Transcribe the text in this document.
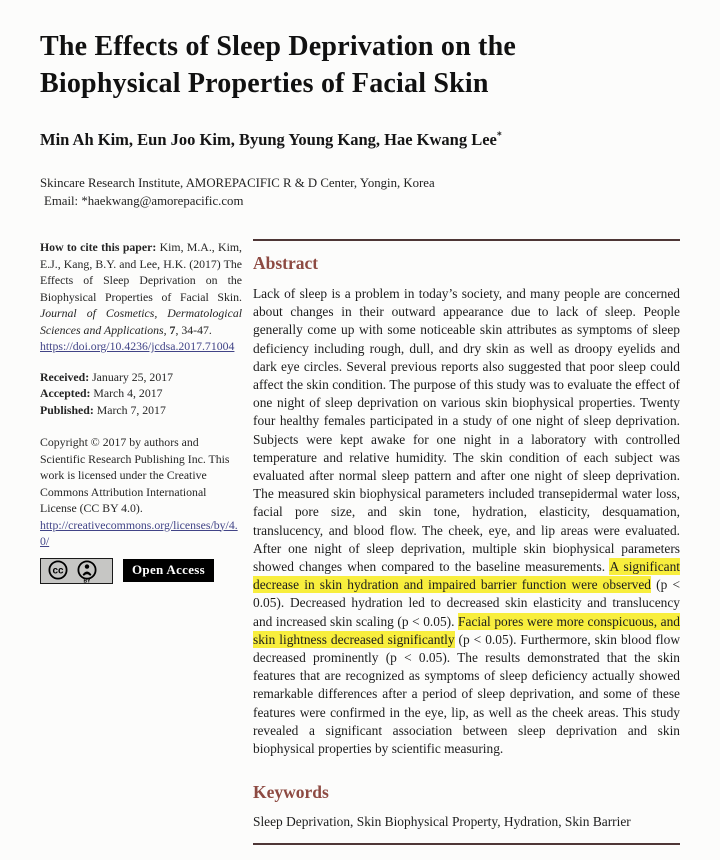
The Effects of Sleep Deprivation on the Biophysical Properties of Facial Skin
Min Ah Kim, Eun Joo Kim, Byung Young Kang, Hae Kwang Lee*
Skincare Research Institute, AMOREPACIFIC R & D Center, Yongin, Korea
Email: *haekwang@amorepacific.com
How to cite this paper: Kim, M.A., Kim, E.J., Kang, B.Y. and Lee, H.K. (2017) The Effects of Sleep Deprivation on the Biophysical Properties of Facial Skin. Journal of Cosmetics, Dermatological Sciences and Applications, 7, 34-47.
https://doi.org/10.4236/jcdsa.2017.71004
Received: January 25, 2017
Accepted: March 4, 2017
Published: March 7, 2017
Copyright © 2017 by authors and Scientific Research Publishing Inc. This work is licensed under the Creative Commons Attribution International License (CC BY 4.0).
http://creativecommons.org/licenses/by/4.0/
cc
BY
Open Access
Abstract

Lack of sleep is a problem in today’s society, and many people are concerned about changes in their outward appearance due to lack of sleep. People generally come up with some noticeable skin attributes as symptoms of sleep deficiency including rough, dull, and dry skin as well as droopy eyelids and dark eye circles. Several previous reports also suggested that poor sleep could affect the skin condition. The purpose of this study was to evaluate the effect of one night of sleep deprivation on various skin biophysical properties. Twenty four healthy females participated in a study of one night of sleep deprivation. Subjects were kept awake for one night in a laboratory with controlled temperature and relative humidity. The skin condition of each subject was evaluated after normal sleep pattern and after one night of sleep deprivation. The measured skin biophysical parameters included transepidermal water loss, facial pore size, and skin tone, hydration, elasticity, desquamation, translucency, and blood flow. The cheek, eye, and lip areas were evaluated. After one night of sleep deprivation, multiple skin biophysical parameters showed changes when compared to the baseline measurements. A significant decrease in skin hydration and impaired barrier function were observed (p < 0.05). Decreased hydration led to decreased skin elasticity and translucency and increased skin scaling (p < 0.05). Facial pores were more conspicuous, and skin lightness decreased significantly (p < 0.05). Furthermore, skin blood flow decreased prominently (p < 0.05). The results demonstrated that the skin features that are recognized as symptoms of sleep deficiency actually showed remarkable differences after a period of sleep deprivation, and some of these features were confirmed in the eye, lip, as well as the cheek areas. This study revealed a significant association between sleep deprivation and skin biophysical properties by scientific measuring.

Keywords

Sleep Deprivation, Skin Biophysical Property, Hydration, Skin Barrier
